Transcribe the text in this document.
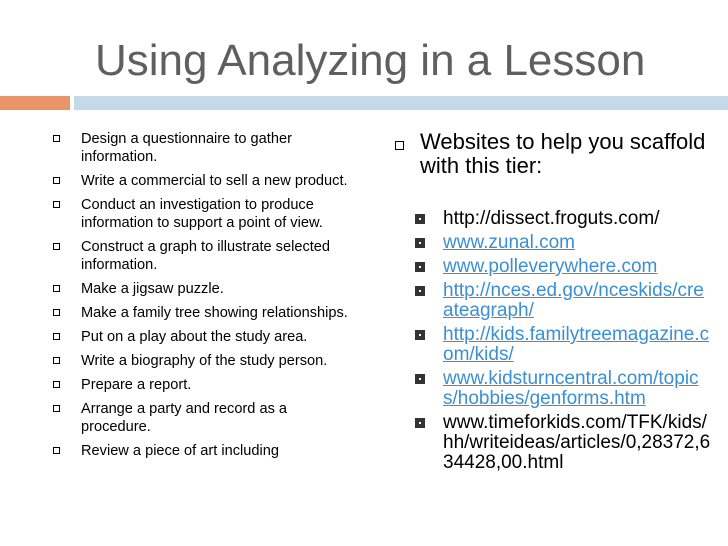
Using Analyzing in a Lesson
Design a questionnaire to gather information.
Write a commercial to sell a new product.
Conduct an investigation to produce information to support a point of view.
Construct a graph to illustrate selected information.
Make a jigsaw puzzle.
Make a family tree showing relationships.
Put on a play about the study area.
Write a biography of the study person.
Prepare a report.
Arrange a party and record as a procedure.
Review a piece of art including
Websites to help you scaffold with this tier:
http://dissect.froguts.com/
www.zunal.com
www.polleverywhere.com
http://nces.ed.gov/nceskids/createagraph/
http://kids.familytreemagazine.com/kids/
www.kidsturncentral.com/topics/hobbies/genforms.htm
www.timeforkids.com/TFK/kids/hh/writeideas/articles/0,28372,634428,00.html
